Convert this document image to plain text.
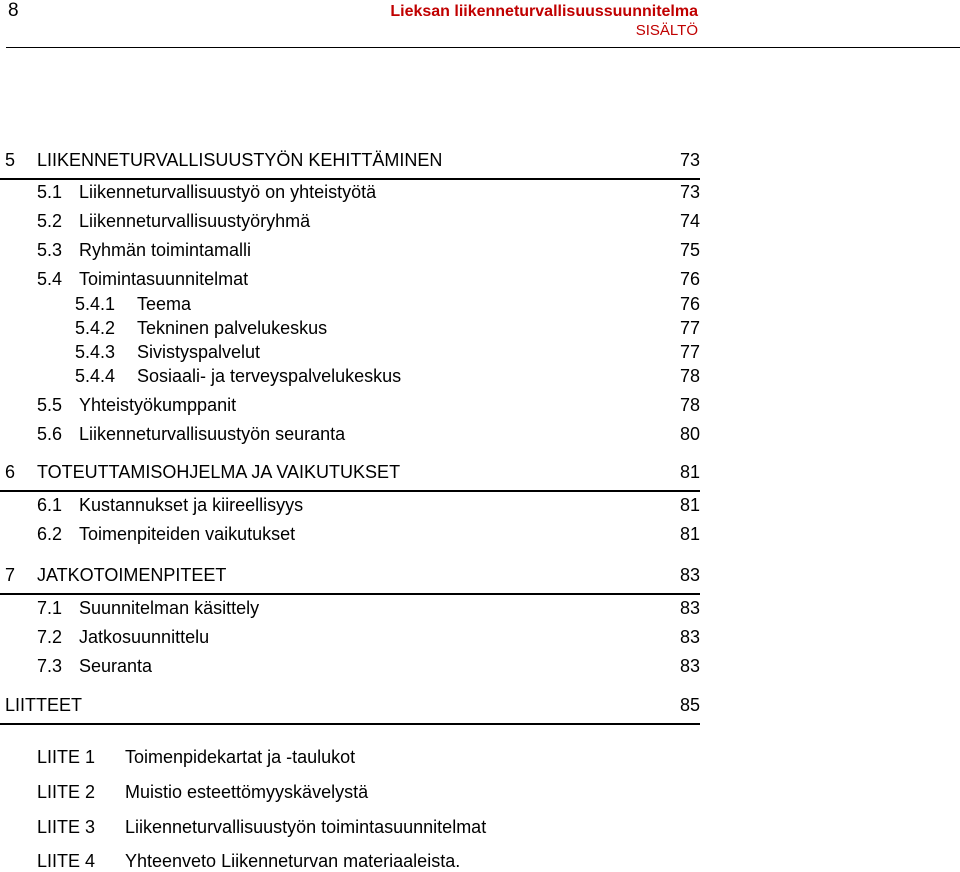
8	Lieksan liikenneturvallisuussuunnitelma
SISÄLTÖ
5 LIIKENNETURVALLISUUSTYÖN KEHITTÄMINEN	73
5.1 Liikenneturvallisuustyö on yhteistyötä	73
5.2 Liikenneturvallisuustyöryhmä	74
5.3 Ryhmän toimintamalli	75
5.4 Toimintasuunnitelmat	76
5.4.1 Teema	76
5.4.2 Tekninen palvelukeskus	77
5.4.3 Sivistyspalvelut	77
5.4.4 Sosiaali- ja terveyspalvelukeskus	78
5.5 Yhteistyökumppanit	78
5.6 Liikenneturvallisuustyön seuranta	80
6 TOTEUTTAMISOHJELMA JA VAIKUTUKSET	81
6.1 Kustannukset ja kiireellisyys	81
6.2 Toimenpiteiden vaikutukset	81
7 JATKOTOIMENPITEET	83
7.1 Suunnitelman käsittely	83
7.2 Jatkosuunnittelu	83
7.3 Seuranta	83
LIITTEET	85
LIITE 1 Toimenpidekartat ja -taulukot
LIITE 2 Muistio esteettömyyskävelystä
LIITE 3 Liikenneturvallisuustyön toimintasuunnitelmat
LIITE 4 Yhteenveto Liikenneturvan materiaaleista.
